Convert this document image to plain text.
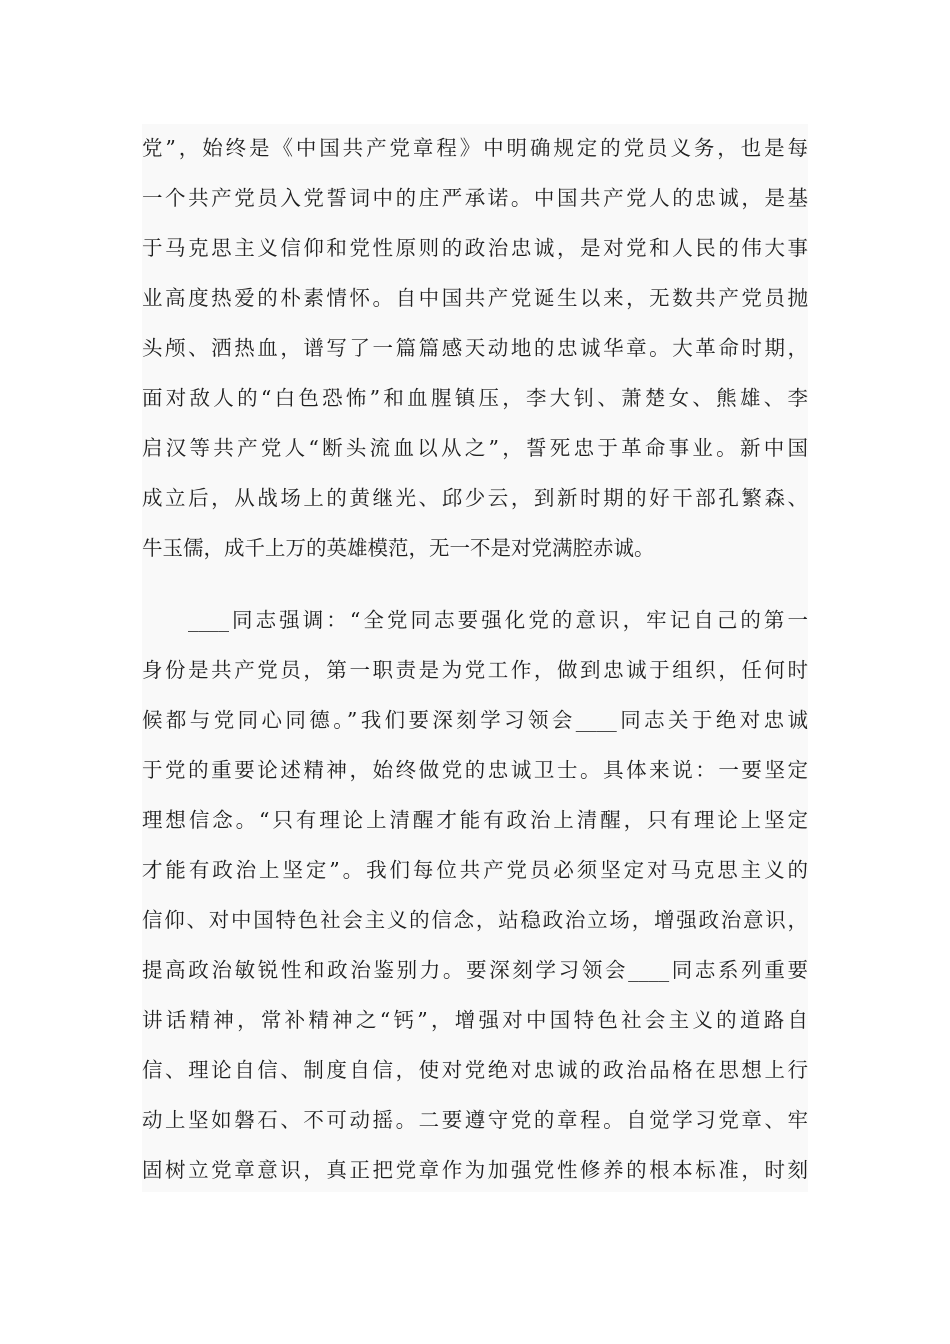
党”，始终是《中国共产党章程》中明确规定的党员义务，也是每
一个共产党员入党誓词中的庄严承诺。中国共产党人的忠诚，是基
于马克思主义信仰和党性原则的政治忠诚，是对党和人民的伟大事
业高度热爱的朴素情怀。自中国共产党诞生以来，无数共产党员抛
头颅、洒热血，谱写了一篇篇感天动地的忠诚华章。大革命时期，
面对敌人的“白色恐怖”和血腥镇压，李大钊、萧楚女、熊雄、李
启汉等共产党人“断头流血以从之”，誓死忠于革命事业。新中国
成立后，从战场上的黄继光、邱少云，到新时期的好干部孔繁森、
牛玉儒，成千上万的英雄模范，无一不是对党满腔赤诚。
____同志强调：“全党同志要强化党的意识，牢记自己的第一
身份是共产党员，第一职责是为党工作，做到忠诚于组织，任何时
候都与党同心同德。”我们要深刻学习领会____同志关于绝对忠诚
于党的重要论述精神，始终做党的忠诚卫士。具体来说：一要坚定
理想信念。“只有理论上清醒才能有政治上清醒，只有理论上坚定
才能有政治上坚定”。我们每位共产党员必须坚定对马克思主义的
信仰、对中国特色社会主义的信念，站稳政治立场，增强政治意识，
提高政治敏锐性和政治鉴别力。要深刻学习领会____同志系列重要
讲话精神，常补精神之“钙”，增强对中国特色社会主义的道路自
信、理论自信、制度自信，使对党绝对忠诚的政治品格在思想上行
动上坚如磐石、不可动摇。二要遵守党的章程。自觉学习党章、牢
固树立党章意识，真正把党章作为加强党性修养的根本标准，时刻
